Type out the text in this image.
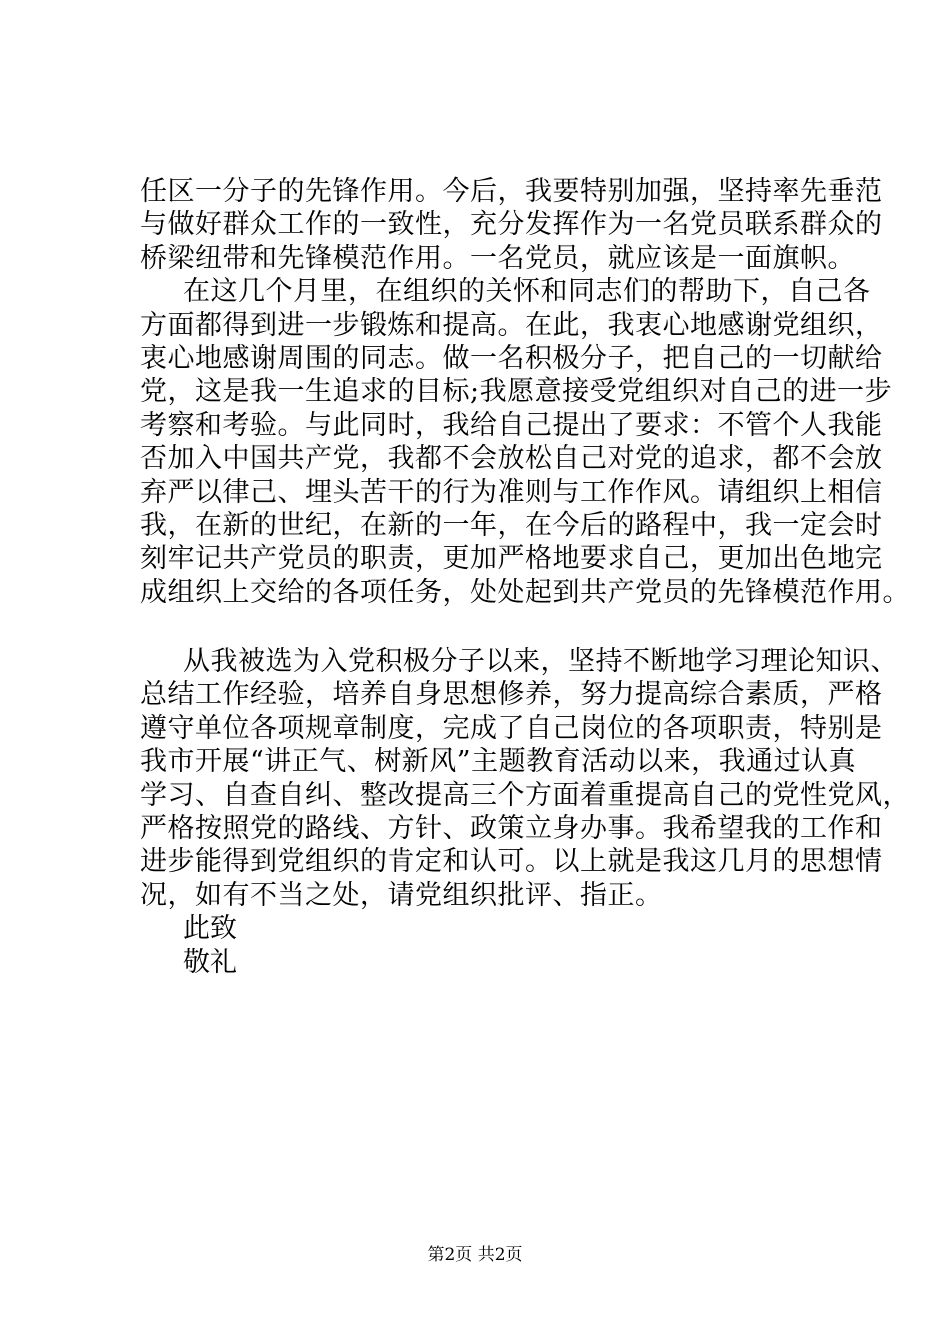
任区一分子的先锋作用。今后，我要特别加强，坚持率先垂范
与做好群众工作的一致性，充分发挥作为一名党员联系群众的
桥梁纽带和先锋模范作用。一名党员，就应该是一面旗帜。
在这几个月里，在组织的关怀和同志们的帮助下，自己各
方面都得到进一步锻炼和提高。在此，我衷心地感谢党组织，
衷心地感谢周围的同志。做一名积极分子，把自己的一切献给
党，这是我一生追求的目标;我愿意接受党组织对自己的进一步
考察和考验。与此同时，我给自己提出了要求：不管个人我能
否加入中国共产党，我都不会放松自己对党的追求，都不会放
弃严以律己、埋头苦干的行为准则与工作作风。请组织上相信
我，在新的世纪，在新的一年，在今后的路程中，我一定会时
刻牢记共产党员的职责，更加严格地要求自己，更加出色地完
成组织上交给的各项任务，处处起到共产党员的先锋模范作用。
从我被选为入党积极分子以来，坚持不断地学习理论知识、
总结工作经验，培养自身思想修养，努力提高综合素质，严格
遵守单位各项规章制度，完成了自己岗位的各项职责，特别是
我市开展“讲正气、树新风”主题教育活动以来，我通过认真
学习、自查自纠、整改提高三个方面着重提高自己的党性党风，
严格按照党的路线、方针、政策立身办事。我希望我的工作和
进步能得到党组织的肯定和认可。以上就是我这几月的思想情
况，如有不当之处，请党组织批评、指正。
此致
敬礼
第2页 共2页
